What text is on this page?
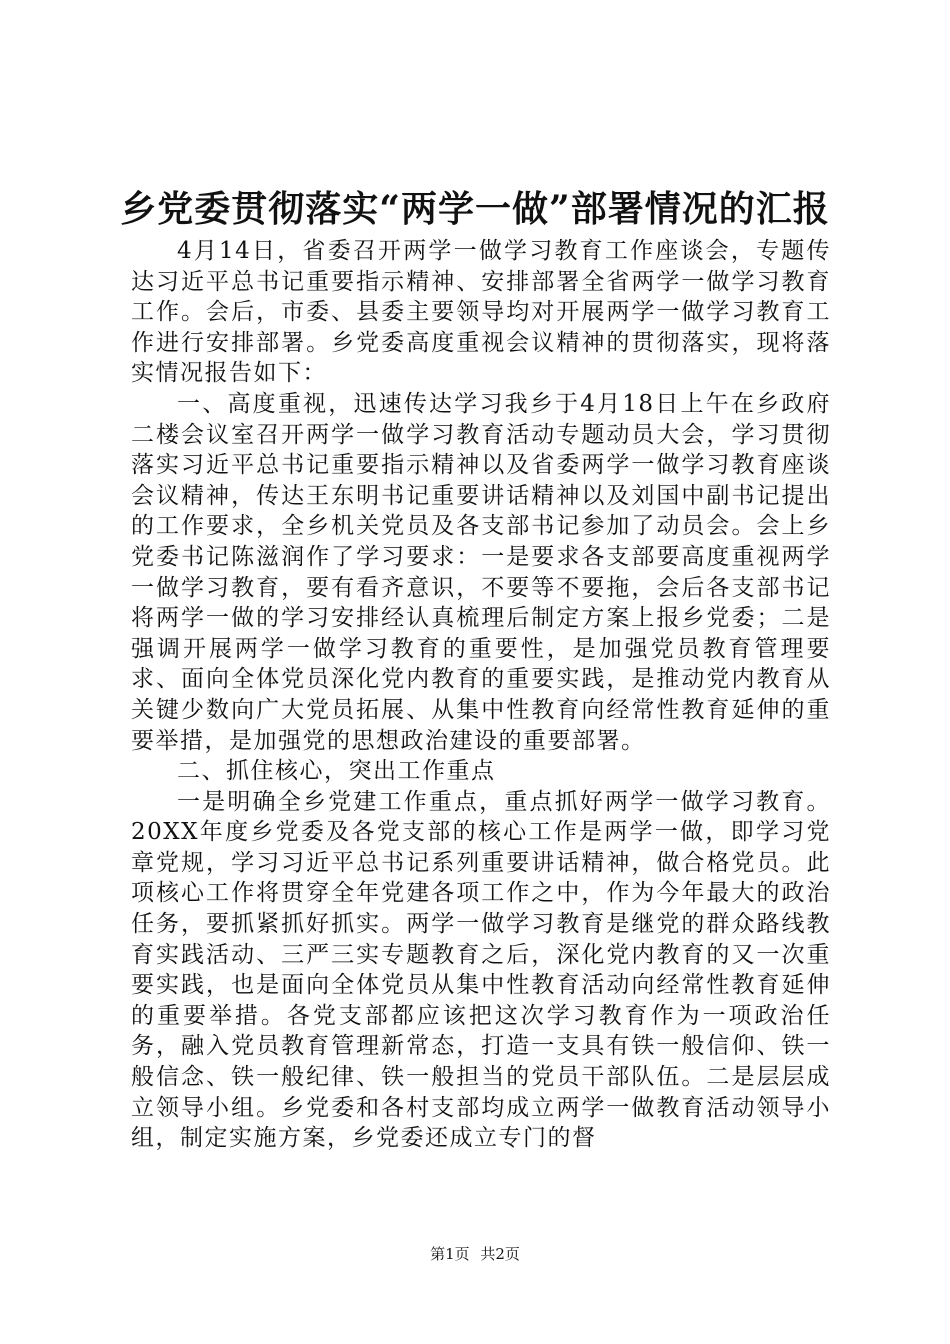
乡党委贯彻落实“两学一做”部署情况的汇报

4月14日，省委召开两学一做学习教育工作座谈会，专题传达习近平总书记重要指示精神、安排部署全省两学一做学习教育工作。会后，市委、县委主要领导均对开展两学一做学习教育工作进行安排部署。乡党委高度重视会议精神的贯彻落实，现将落实情况报告如下：

一、高度重视，迅速传达学习我乡于4月18日上午在乡政府二楼会议室召开两学一做学习教育活动专题动员大会，学习贯彻落实习近平总书记重要指示精神以及省委两学一做学习教育座谈会议精神，传达王东明书记重要讲话精神以及刘国中副书记提出的工作要求，全乡机关党员及各支部书记参加了动员会。会上乡党委书记陈滋润作了学习要求：一是要求各支部要高度重视两学一做学习教育，要有看齐意识，不要等不要拖，会后各支部书记将两学一做的学习安排经认真梳理后制定方案上报乡党委；二是强调开展两学一做学习教育的重要性，是加强党员教育管理要求、面向全体党员深化党内教育的重要实践，是推动党内教育从关键少数向广大党员拓展、从集中性教育向经常性教育延伸的重要举措，是加强党的思想政治建设的重要部署。

二、抓住核心，突出工作重点

一是明确全乡党建工作重点，重点抓好两学一做学习教育。20XX年度乡党委及各党支部的核心工作是两学一做，即学习党章党规，学习习近平总书记系列重要讲话精神，做合格党员。此项核心工作将贯穿全年党建各项工作之中，作为今年最大的政治任务，要抓紧抓好抓实。两学一做学习教育是继党的群众路线教育实践活动、三严三实专题教育之后，深化党内教育的又一次重要实践，也是面向全体党员从集中性教育活动向经常性教育延伸的重要举措。各党支部都应该把这次学习教育作为一项政治任务，融入党员教育管理新常态，打造一支具有铁一般信仰、铁一般信念、铁一般纪律、铁一般担当的党员干部队伍。二是层层成立领导小组。乡党委和各村支部均成立两学一做教育活动领导小组，制定实施方案，乡党委还成立专门的督

第1页 共2页
